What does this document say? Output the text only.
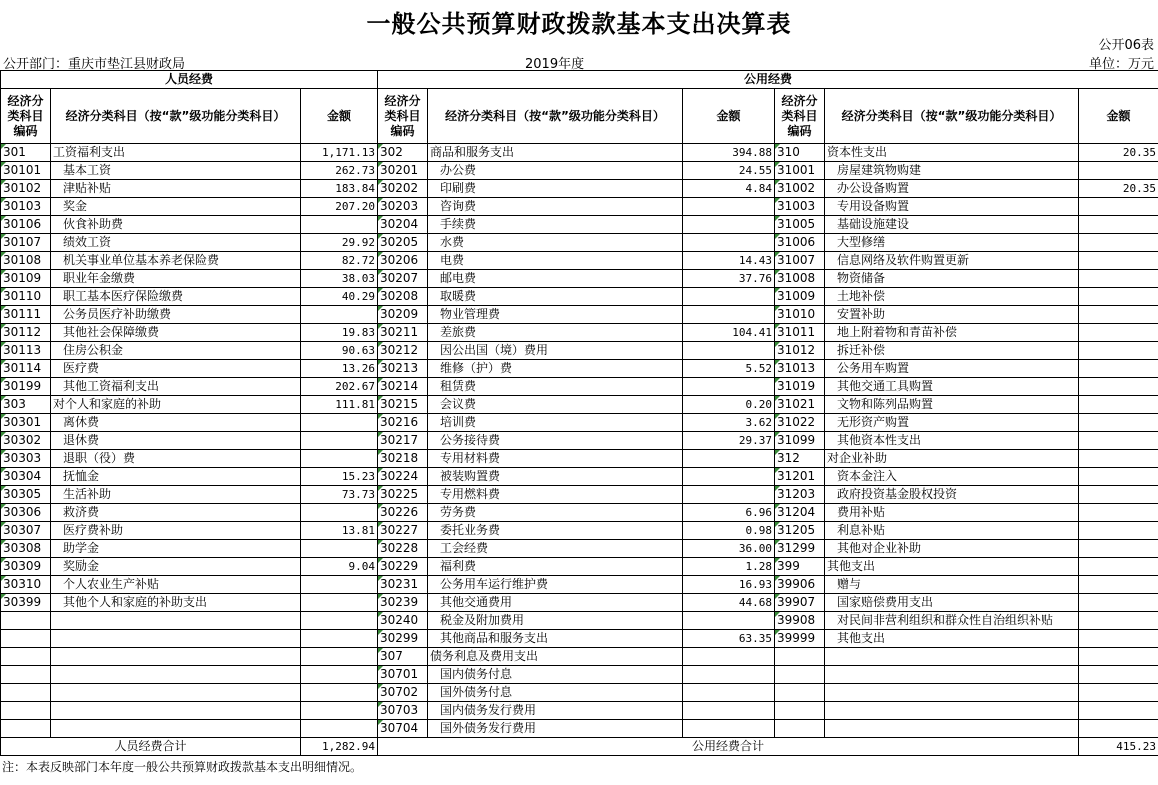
一般公共预算财政拨款基本支出决算表
公开06表
公开部门：重庆市垫江县财政局	2019年度	单位：万元
人员经费			公用经费					
经济分类科目编码	经济分类科目（按“款”级功能分类科目）	金额	经济分类科目编码	经济分类科目（按“款”级功能分类科目）	金额	经济分类科目编码	经济分类科目（按“款”级功能分类科目）	金额
301	工资福利支出	1,171.13	302	商品和服务支出	394.88	310	资本性支出	20.35
30101	基本工资	262.73	30201	办公费	24.55	31001	房屋建筑物购建	
30102	津贴补贴	183.84	30202	印刷费	4.84	31002	办公设备购置	20.35
30103	奖金	207.20	30203	咨询费		31003	专用设备购置	
30106	伙食补助费		30204	手续费		31005	基础设施建设	
30107	绩效工资	29.92	30205	水费		31006	大型修缮	
30108	机关事业单位基本养老保险费	82.72	30206	电费	14.43	31007	信息网络及软件购置更新	
30109	职业年金缴费	38.03	30207	邮电费	37.76	31008	物资储备	
30110	职工基本医疗保险缴费	40.29	30208	取暖费		31009	土地补偿	
30111	公务员医疗补助缴费		30209	物业管理费		31010	安置补助	
30112	其他社会保障缴费	19.83	30211	差旅费	104.41	31011	地上附着物和青苗补偿	
30113	住房公积金	90.63	30212	因公出国（境）费用		31012	拆迁补偿	
30114	医疗费	13.26	30213	维修（护）费	5.52	31013	公务用车购置	
30199	其他工资福利支出	202.67	30214	租赁费		31019	其他交通工具购置	
303	对个人和家庭的补助	111.81	30215	会议费	0.20	31021	文物和陈列品购置	
30301	离休费		30216	培训费	3.62	31022	无形资产购置	
30302	退休费		30217	公务接待费	29.37	31099	其他资本性支出	
30303	退职（役）费		30218	专用材料费		312	对企业补助	
30304	抚恤金	15.23	30224	被装购置费		31201	资本金注入	
30305	生活补助	73.73	30225	专用燃料费		31203	政府投资基金股权投资	
30306	救济费		30226	劳务费	6.96	31204	费用补贴	
30307	医疗费补助	13.81	30227	委托业务费	0.98	31205	利息补贴	
30308	助学金		30228	工会经费	36.00	31299	其他对企业补助	
30309	奖励金	9.04	30229	福利费	1.28	399	其他支出	
30310	个人农业生产补贴		30231	公务用车运行维护费	16.93	39906	赠与	
30399	其他个人和家庭的补助支出		30239	其他交通费用	44.68	39907	国家赔偿费用支出	
			30240	税金及附加费用		39908	对民间非营利组织和群众性自治组织补贴	
			30299	其他商品和服务支出	63.35	39999	其他支出	
			307	债务利息及费用支出				
			30701	国内债务付息				
			30702	国外债务付息				
			30703	国内债务发行费用				
			30704	国外债务发行费用				
人员经费合计		1,282.94	公用经费合计					415.23
注：本表反映部门本年度一般公共预算财政拨款基本支出明细情况。
